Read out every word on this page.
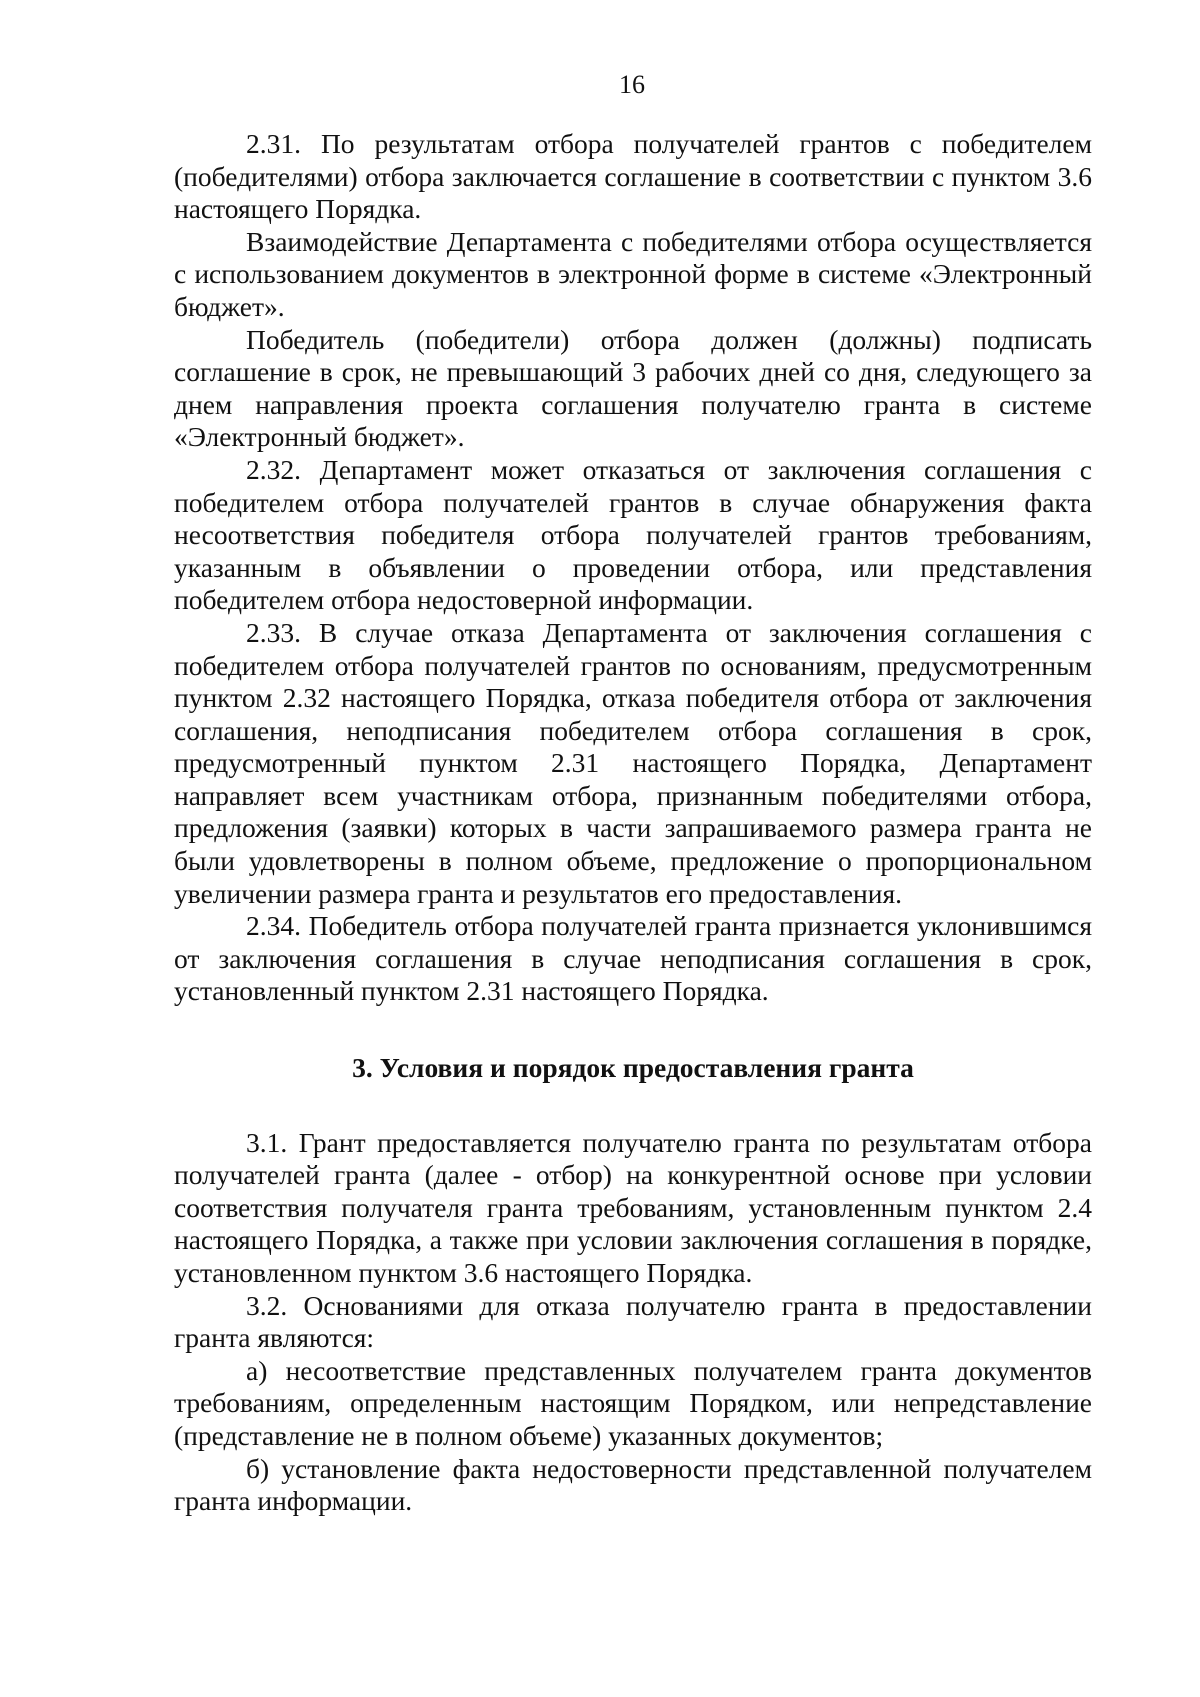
16

2.31. По результатам отбора получателей грантов с победителем (победителями) отбора заключается соглашение в соответствии с пунктом 3.6 настоящего Порядка.

Взаимодействие Департамента с победителями отбора осуществляется с использованием документов в электронной форме в системе «Электронный бюджет».

Победитель (победители) отбора должен (должны) подписать соглашение в срок, не превышающий 3 рабочих дней со дня, следующего за днем направления проекта соглашения получателю гранта в системе «Электронный бюджет».

2.32. Департамент может отказаться от заключения соглашения с победителем отбора получателей грантов в случае обнаружения факта несоответствия победителя отбора получателей грантов требованиям, указанным в объявлении о проведении отбора, или представления победителем отбора недостоверной информации.

2.33. В случае отказа Департамента от заключения соглашения с победителем отбора получателей грантов по основаниям, предусмотренным пунктом 2.32 настоящего Порядка, отказа победителя отбора от заключения соглашения, неподписания победителем отбора соглашения в срок, предусмотренный пунктом 2.31 настоящего Порядка, Департамент направляет всем участникам отбора, признанным победителями отбора, предложения (заявки) которых в части запрашиваемого размера гранта не были удовлетворены в полном объеме, предложение о пропорциональном увеличении размера гранта и результатов его предоставления.

2.34. Победитель отбора получателей гранта признается уклонившимся от заключения соглашения в случае неподписания соглашения в срок, установленный пунктом 2.31 настоящего Порядка.

3. Условия и порядок предоставления гранта

3.1. Грант предоставляется получателю гранта по результатам отбора получателей гранта (далее - отбор) на конкурентной основе при условии соответствия получателя гранта требованиям, установленным пунктом 2.4 настоящего Порядка, а также при условии заключения соглашения в порядке, установленном пунктом 3.6 настоящего Порядка.

3.2. Основаниями для отказа получателю гранта в предоставлении гранта являются:

а) несоответствие представленных получателем гранта документов требованиям, определенным настоящим Порядком, или непредставление (представление не в полном объеме) указанных документов;

б) установление факта недостоверности представленной получателем гранта информации.
